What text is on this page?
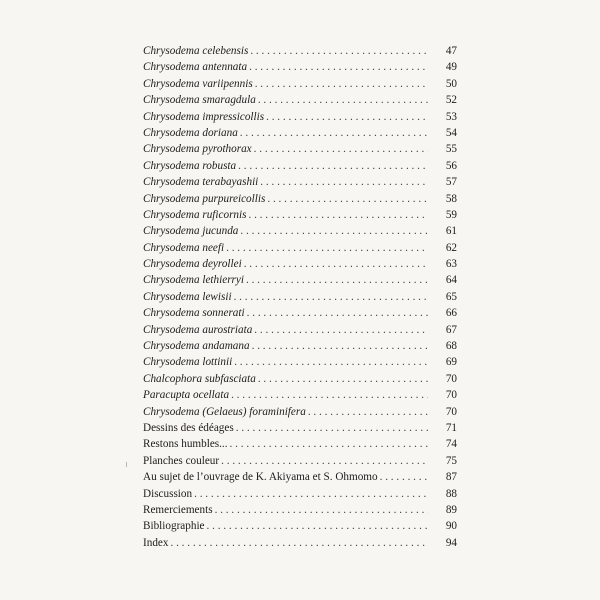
Chrysodema celebensis . . .	47
Chrysodema antennata . . .	49
Chrysodema variipennis . . .	50
Chrysodema smaragdula . . .	52
Chrysodema impressicollis . . .	53
Chrysodema doriana . . .	54
Chrysodema pyrothorax . . .	55
Chrysodema robusta . . .	56
Chrysodema terabayashii . . .	57
Chrysodema purpureicollis . . .	58
Chrysodema ruficornis . . .	59
Chrysodema jucunda . . .	61
Chrysodema neefi . . .	62
Chrysodema deyrollei . . .	63
Chrysodema lethierryi . . .	64
Chrysodema lewisii . . .	65
Chrysodema sonnerati . . .	66
Chrysodema aurostriata . . .	67
Chrysodema andamana . . .	68
Chrysodema lottinii . . .	69
Chalcophora subfasciata . . .	70
Paracupta ocellata . . .	70
Chrysodema (Gelaeus) foraminifera . . .	70
Dessins des édéages . . .	71
Restons humbles... . . .	74
Planches couleur . . .	75
Au sujet de l’ouvrage de K. Akiyama et S. Ohmomo . . .	87
Discussion . . .	88
Remerciements . . .	89
Bibliographie . . .	90
Index . . .	94
